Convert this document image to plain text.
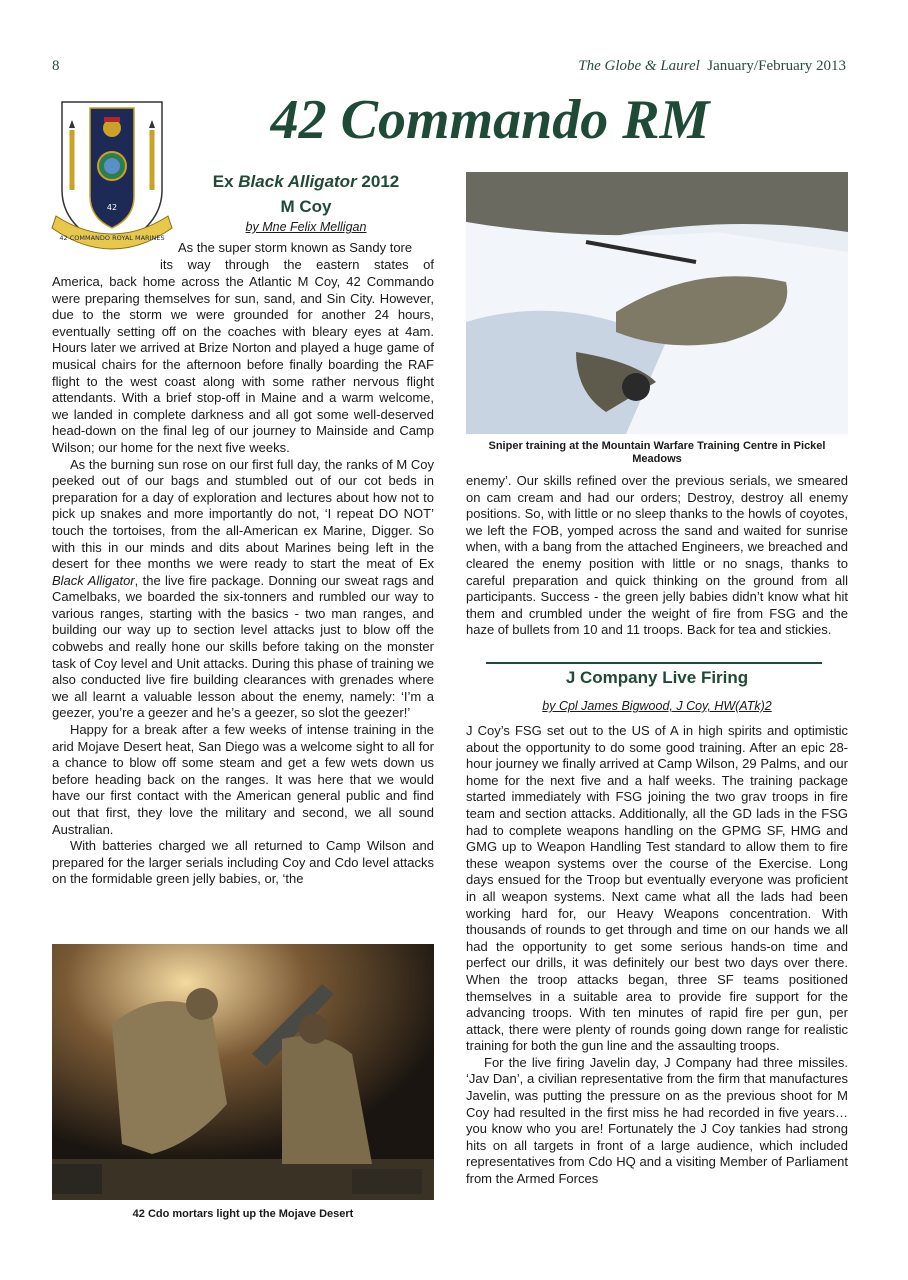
8	The Globe & Laurel January/February 2013
42
42 COMMANDO ROYAL MARINES
42 Commando RM
Ex Black Alligator 2012
M Coy
by Mne Felix Melligan
As the super storm known as Sandy tore
its way through the eastern states of

America, back home across the Atlantic M Coy, 42 Commando were preparing themselves for sun, sand, and Sin City. However, due to the storm we were grounded for another 24 hours, eventually setting off on the coaches with bleary eyes at 4am. Hours later we arrived at Brize Norton and played a huge game of musical chairs for the afternoon before finally boarding the RAF flight to the west coast along with some rather nervous flight attendants. With a brief stop-off in Maine and a warm welcome, we landed in complete darkness and all got some well-deserved head-down on the final leg of our journey to Mainside and Camp Wilson; our home for the next five weeks.

As the burning sun rose on our first full day, the ranks of M Coy peeked out of our bags and stumbled out of our cot beds in preparation for a day of exploration and lectures about how not to pick up snakes and more importantly do not, ‘I repeat DO NOT’ touch the tortoises, from the all-American ex Marine, Digger. So with this in our minds and dits about Marines being left in the desert for thee months we were ready to start the meat of Ex Black Alligator, the live fire package. Donning our sweat rags and Camelbaks, we boarded the six-tonners and rumbled our way to various ranges, starting with the basics - two man ranges, and building our way up to section level attacks just to blow off the cobwebs and really hone our skills before taking on the monster task of Coy level and Unit attacks. During this phase of training we also conducted live fire building clearances with grenades where we all learnt a valuable lesson about the enemy, namely: ‘I’m a geezer, you’re a geezer and he’s a geezer, so slot the geezer!’

Happy for a break after a few weeks of intense training in the arid Mojave Desert heat, San Diego was a welcome sight to all for a chance to blow off some steam and get a few wets down us before heading back on the ranges. It was here that we would have our first contact with the American general public and find out that first, they love the military and second, we all sound Australian.

With batteries charged we all returned to Camp Wilson and prepared for the larger serials including Coy and Cdo level attacks on the formidable green jelly babies, or, ‘the

42 Cdo mortars light up the Mojave Desert
Sniper training at the Mountain Warfare Training Centre in Pickel Meadows

enemy’. Our skills refined over the previous serials, we smeared on cam cream and had our orders; Destroy, destroy all enemy positions. So, with little or no sleep thanks to the howls of coyotes, we left the FOB, yomped across the sand and waited for sunrise when, with a bang from the attached Engineers, we breached and cleared the enemy position with little or no snags, thanks to careful preparation and quick thinking on the ground from all participants. Success - the green jelly babies didn’t know what hit them and crumbled under the weight of fire from FSG and the haze of bullets from 10 and 11 troops. Back for tea and stickies.

J Company Live Firing
by Cpl James Bigwood, J Coy, HW(ATk)2

J Coy’s FSG set out to the US of A in high spirits and optimistic about the opportunity to do some good training. After an epic 28-hour journey we finally arrived at Camp Wilson, 29 Palms, and our home for the next five and a half weeks. The training package started immediately with FSG joining the two grav troops in fire team and section attacks. Additionally, all the GD lads in the FSG had to complete weapons handling on the GPMG SF, HMG and GMG up to Weapon Handling Test standard to allow them to fire these weapon systems over the course of the Exercise. Long days ensued for the Troop but eventually everyone was proficient in all weapon systems. Next came what all the lads had been working hard for, our Heavy Weapons concentration. With thousands of rounds to get through and time on our hands we all had the opportunity to get some serious hands-on time and perfect our drills, it was definitely our best two days over there. When the troop attacks began, three SF teams positioned themselves in a suitable area to provide fire support for the advancing troops. With ten minutes of rapid fire per gun, per attack, there were plenty of rounds going down range for realistic training for both the gun line and the assaulting troops.

For the live firing Javelin day, J Company had three missiles. ‘Jav Dan’, a civilian representative from the firm that manufactures Javelin, was putting the pressure on as the previous shoot for M Coy had resulted in the first miss he had recorded in five years… you know who you are! Fortunately the J Coy tankies had strong hits on all targets in front of a large audience, which included representatives from Cdo HQ and a visiting Member of Parliament from the Armed Forces
